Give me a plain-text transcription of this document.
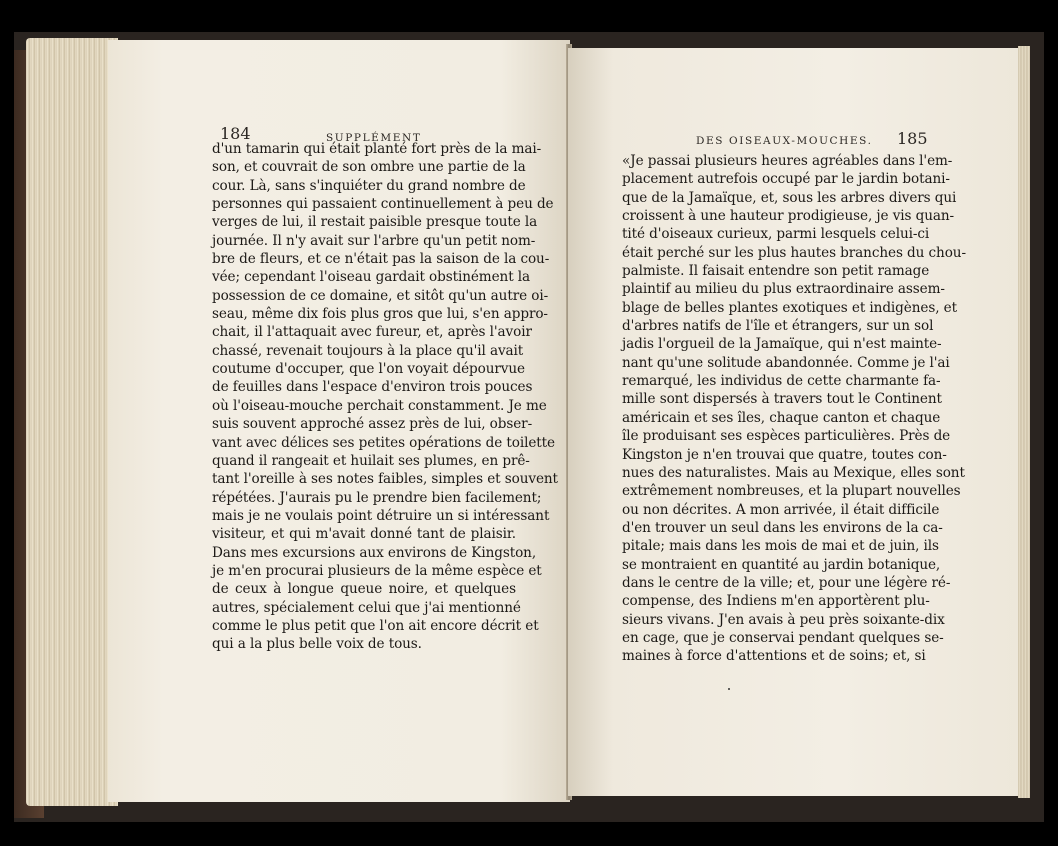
184	SUPPLÉMENT
d'un tamarin qui était planté fort près de la mai-
son, et couvrait de son ombre une partie de la
cour. Là, sans s'inquiéter du grand nombre de
personnes qui passaient continuellement à peu de
verges de lui, il restait paisible presque toute la
journée. Il n'y avait sur l'arbre qu'un petit nom-
bre de fleurs, et ce n'était pas la saison de la cou-
vée; cependant l'oiseau gardait obstinément la
possession de ce domaine, et sitôt qu'un autre oi-
seau, même dix fois plus gros que lui, s'en appro-
chait, il l'attaquait avec fureur, et, après l'avoir
chassé, revenait toujours à la place qu'il avait
coutume d'occuper, que l'on voyait dépourvue
de feuilles dans l'espace d'environ trois pouces
où l'oiseau-mouche perchait constamment. Je me
suis souvent approché assez près de lui, obser-
vant avec délices ses petites opérations de toilette
quand il rangeait et huilait ses plumes, en prê-
tant l'oreille à ses notes faibles, simples et souvent
répétées. J'aurais pu le prendre bien facilement;
mais je ne voulais point détruire un si intéressant
visiteur, et qui m'avait donné tant de plaisir.
Dans mes excursions aux environs de Kingston,
je m'en procurai plusieurs de la même espèce et
de ceux à longue queue noire, et quelques
autres, spécialement celui que j'ai mentionné
comme le plus petit que l'on ait encore décrit et
qui a la plus belle voix de tous.
DES OISEAUX-MOUCHES. 185
«Je passai plusieurs heures agréables dans l'em-
placement autrefois occupé par le jardin botani-
que de la Jamaïque, et, sous les arbres divers qui
croissent à une hauteur prodigieuse, je vis quan-
tité d'oiseaux curieux, parmi lesquels celui-ci
était perché sur les plus hautes branches du chou-
palmiste. Il faisait entendre son petit ramage
plaintif au milieu du plus extraordinaire assem-
blage de belles plantes exotiques et indigènes, et
d'arbres natifs de l'île et étrangers, sur un sol
jadis l'orgueil de la Jamaïque, qui n'est mainte-
nant qu'une solitude abandonnée. Comme je l'ai
remarqué, les individus de cette charmante fa-
mille sont dispersés à travers tout le Continent
américain et ses îles, chaque canton et chaque
île produisant ses espèces particulières. Près de
Kingston je n'en trouvai que quatre, toutes con-
nues des naturalistes. Mais au Mexique, elles sont
extrêmement nombreuses, et la plupart nouvelles
ou non décrites. A mon arrivée, il était difficile
d'en trouver un seul dans les environs de la ca-
pitale; mais dans les mois de mai et de juin, ils
se montraient en quantité au jardin botanique,
dans le centre de la ville; et, pour une légère ré-
compense, des Indiens m'en apportèrent plu-
sieurs vivans. J'en avais à peu près soixante-dix
en cage, que je conservai pendant quelques se-
maines à force d'attentions et de soins; et, si
